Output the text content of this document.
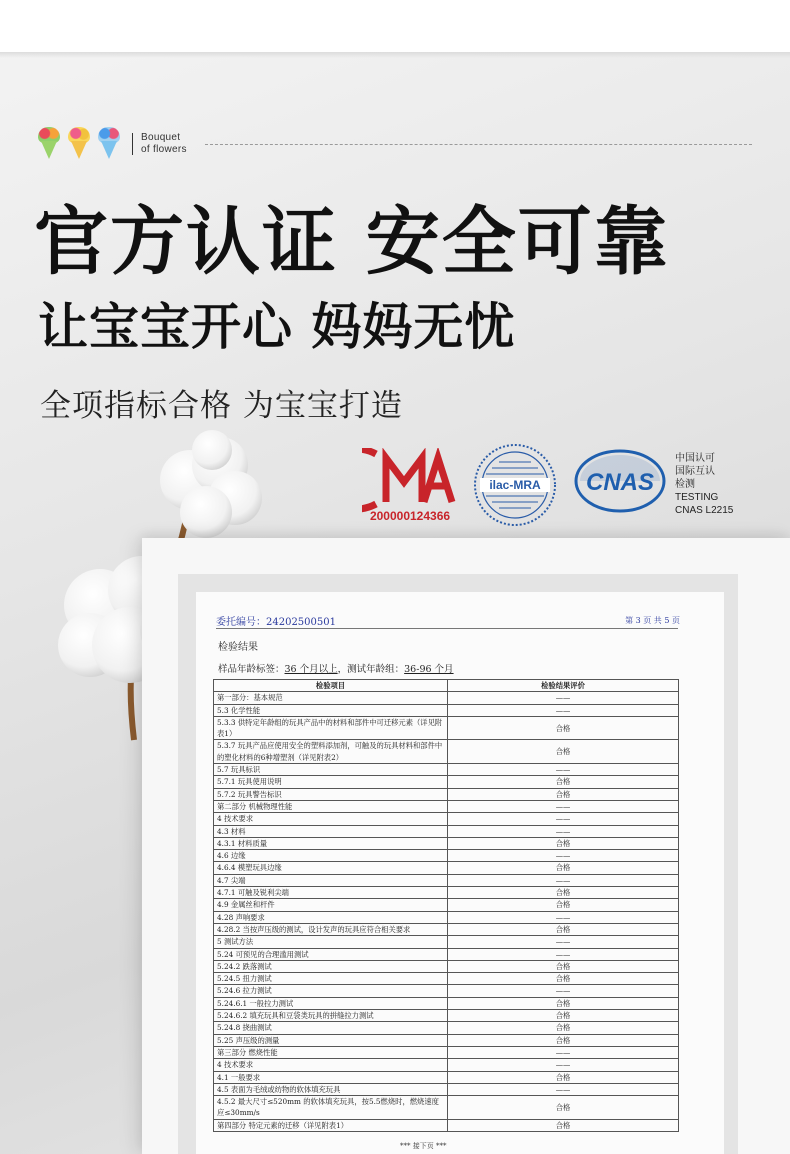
Bouquet
of flowers
官方认证 安全可靠
让宝宝开心 妈妈无忧
全项指标合格 为宝宝打造
200000124366
ilac-MRA CNAS
中国认可
国际互认
检测
TESTING
CNAS L2215
委托编号：24202500501	第 3 页 共 5 页
检验结果
样品年龄标签：36 个月以上，测试年龄组：36-96 个月
检验项目	检验结果评价
第一部分：基本规范	——
5.3 化学性能	——
5.3.3 供特定年龄组的玩具产品中的材料和部件中可迁移元素（详见附表1）	合格
5.3.7 玩具产品应使用安全的塑料添加剂，可触及的玩具材料和部件中的塑化材料的6种增塑剂（详见附表2）	合格
5.7 玩具标识	——
5.7.1 玩具使用说明	合格
5.7.2 玩具警告标识	合格
第二部分 机械物理性能	——
4 技术要求	——
4.3 材料	——
4.3.1 材料质量	合格
4.6 边缘	——
4.6.4 模塑玩具边缘	合格
4.7 尖端	——
4.7.1 可触及锐利尖端	合格
4.9 金属丝和杆件	合格
4.28 声响要求	——
4.28.2 当按声压级的测试，设计发声的玩具应符合相关要求	合格
5 测试方法	——
5.24 可预见的合理滥用测试	——
5.24.2 跌落测试	合格
5.24.5 扭力测试	合格
5.24.6 拉力测试	——
5.24.6.1 一般拉力测试	合格
5.24.6.2 填充玩具和豆袋类玩具的拼缝拉力测试	合格
5.24.8 挠曲测试	合格
5.25 声压级的测量	合格
第三部分 燃烧性能	——
4 技术要求	——
4.1 一般要求	合格
4.5 表面为毛绒或纺物的软体填充玩具	——
4.5.2 最大尺寸≤520mm 的软体填充玩具，按5.5燃烧时，燃烧速度应≤30mm/s	合格
第四部分 特定元素的迁移（详见附表1）	合格
*** 接下页 ***
